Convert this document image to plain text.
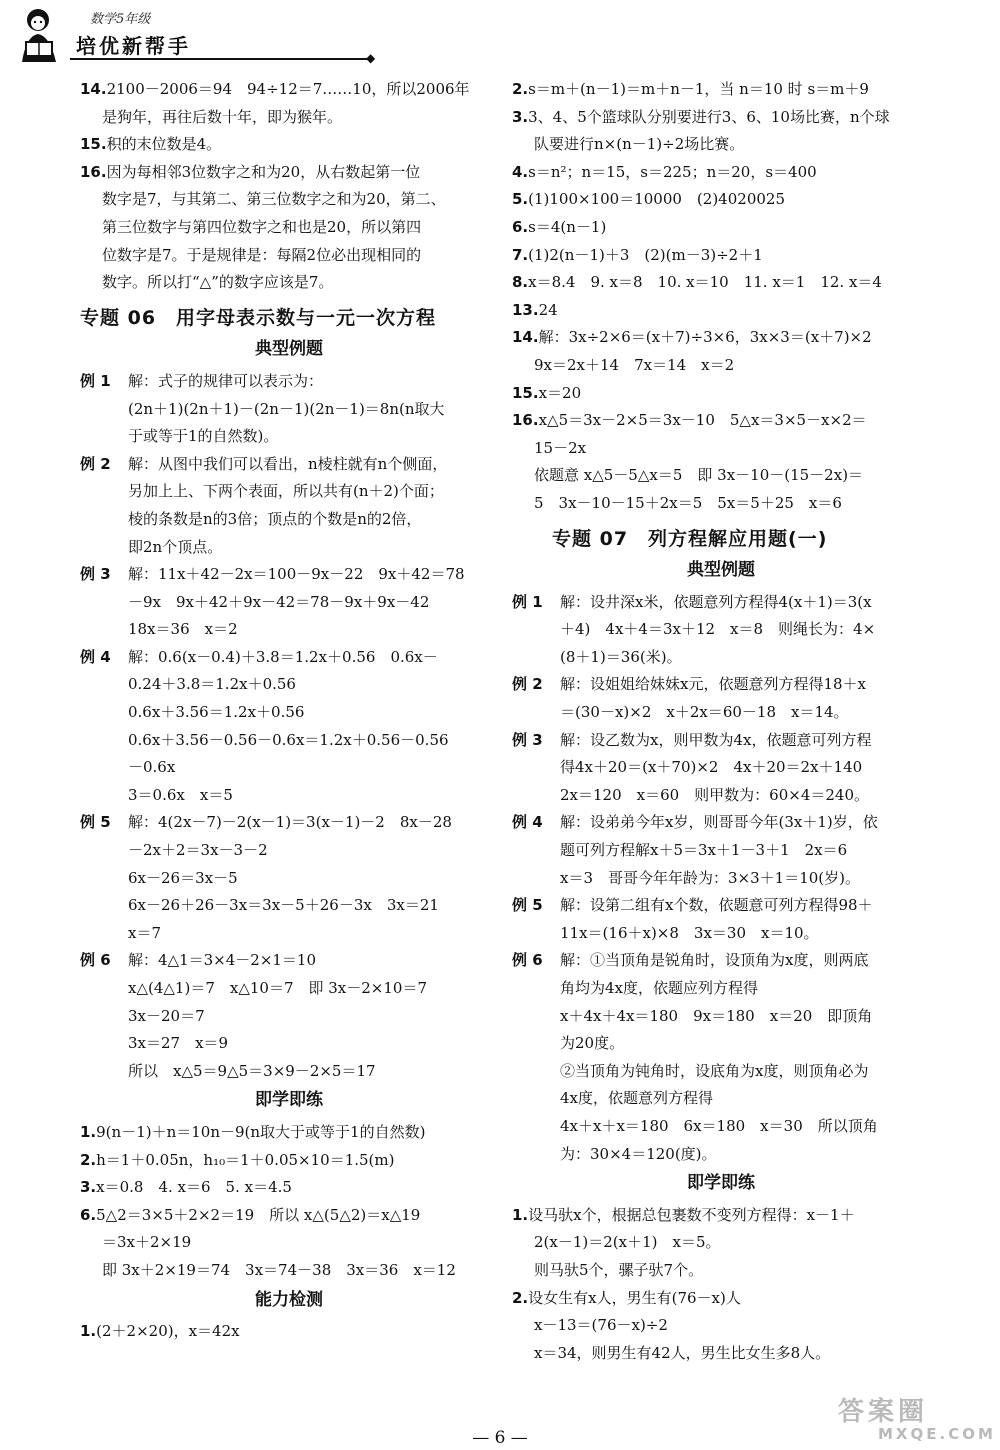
数学5年级
培优新帮手	◆
14.2100－2006＝94　94÷12＝7……10，所以2006年
是狗年，再往后数十年，即为猴年。
15.积的末位数是4。
16.因为每相邻3位数字之和为20，从右数起第一位
数字是7，与其第二、第三位数字之和为20，第二、
第三位数字与第四位数字之和也是20，所以第四
位数字是7。于是规律是：每隔2位必出现相同的
数字。所以打“△”的数字应该是7。
专题 06　用字母表示数与一元一次方程
典型例题
例 1	解：式子的规律可以表示为：
(2n＋1)(2n＋1)－(2n－1)(2n－1)＝8n(n取大
于或等于1的自然数)。
例 2	解：从图中我们可以看出，n棱柱就有n个侧面，
另加上上、下两个表面，所以共有(n＋2)个面；
棱的条数是n的3倍；顶点的个数是n的2倍，
即2n个顶点。
例 3	解：11x＋42－2x＝100－9x－22　9x＋42＝78
－9x　9x＋42＋9x－42＝78－9x＋9x－42
18x＝36　x＝2
例 4	解：0.6(x－0.4)＋3.8＝1.2x＋0.56　0.6x－
0.24＋3.8＝1.2x＋0.56
0.6x＋3.56＝1.2x＋0.56
0.6x＋3.56－0.56－0.6x＝1.2x＋0.56－0.56
－0.6x
3＝0.6x　x＝5
例 5	解：4(2x－7)－2(x－1)＝3(x－1)－2　8x－28
－2x＋2＝3x－3－2
6x－26＝3x－5
6x－26＋26－3x＝3x－5＋26－3x　3x＝21
x＝7
例 6	解：4△1＝3×4－2×1＝10
x△(4△1)＝7　x△10＝7　即 3x－2×10＝7
3x－20＝7
3x＝27　x＝9
所以　x△5＝9△5＝3×9－2×5＝17
即学即练
1.9(n－1)＋n＝10n－9(n取大于或等于1的自然数)
2.h＝1＋0.05n，h₁₀＝1＋0.05×10＝1.5(m)
3.x＝0.8　4. x＝6　5. x＝4.5
6.5△2＝3×5＋2×2＝19　所以 x△(5△2)＝x△19
＝3x＋2×19
即 3x＋2×19＝74　3x＝74－38　3x＝36　x＝12
能力检测
1.(2＋2×20)，x＝42x
2.s＝m＋(n－1)＝m＋n－1，当 n＝10 时 s＝m＋9
3.3、4、5个篮球队分别要进行3、6、10场比赛，n个球
队要进行n×(n－1)÷2场比赛。
4.s＝n²；n＝15，s＝225；n＝20，s＝400
5.(1)100×100＝10000　(2)4020025
6.s＝4(n－1)
7.(1)2(n－1)＋3　(2)(m－3)÷2＋1
8.x＝8.4　9. x＝8　10. x＝10　11. x＝1　12. x＝4
13.24
14.解：3x÷2×6＝(x＋7)÷3×6，3x×3＝(x＋7)×2
9x＝2x＋14　7x＝14　x＝2
15.x＝20
16.x△5＝3x－2×5＝3x－10　5△x＝3×5－x×2＝
15－2x
依题意 x△5－5△x＝5　即 3x－10－(15－2x)＝
5　3x－10－15＋2x＝5　5x＝5＋25　x＝6
专题 07　列方程解应用题(一)
典型例题
例 1	解：设井深x米，依题意列方程得4(x＋1)＝3(x
＋4)　4x＋4＝3x＋12　x＝8　则绳长为：4×
(8＋1)＝36(米)。
例 2	解：设姐姐给妹妹x元，依题意列方程得18＋x
＝(30－x)×2　x＋2x＝60－18　x＝14。
例 3	解：设乙数为x，则甲数为4x，依题意可列方程
得4x＋20＝(x＋70)×2　4x＋20＝2x＋140
2x＝120　x＝60　则甲数为：60×4＝240。
例 4	解：设弟弟今年x岁，则哥哥今年(3x＋1)岁，依
题可列方程解x＋5＝3x＋1－3＋1　2x＝6
x＝3　哥哥今年年龄为：3×3＋1＝10(岁)。
例 5	解：设第二组有x个数，依题意可列方程得98＋
11x＝(16＋x)×8　3x＝30　x＝10。
例 6	解：①当顶角是锐角时，设顶角为x度，则两底
角均为4x度，依题应列方程得
x＋4x＋4x＝180　9x＝180　x＝20　即顶角
为20度。
②当顶角为钝角时，设底角为x度，则顶角必为
4x度，依题意列方程得
4x＋x＋x＝180　6x＝180　x＝30　所以顶角
为：30×4＝120(度)。
即学即练
1.设马驮x个，根据总包裹数不变列方程得：x－1＋
2(x－1)＝2(x＋1)　x＝5。
则马驮5个，骡子驮7个。
2.设女生有x人，男生有(76－x)人
x－13＝(76－x)÷2
x＝34，则男生有42人，男生比女生多8人。
— 6 —
答案圈
MXQE.COM
